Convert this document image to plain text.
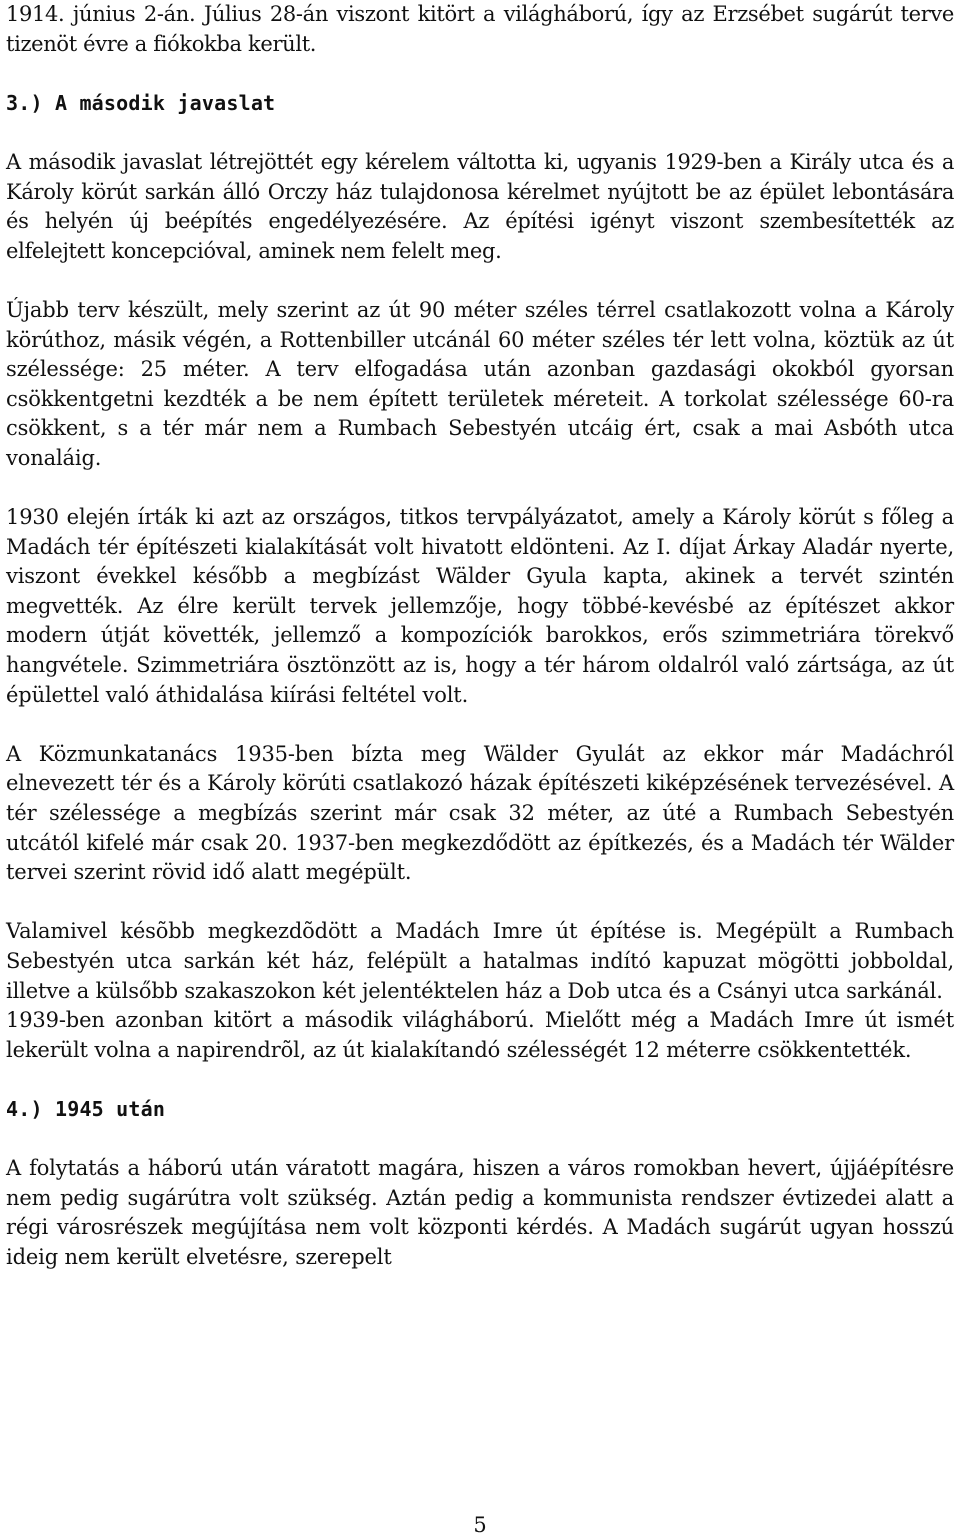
1914. június 2-án. Július 28-án viszont kitört a világháború, így az Erzsébet sugárút terve tizenöt évre a fiókokba került.

3.) A második javaslat

A második javaslat létrejöttét egy kérelem váltotta ki, ugyanis 1929-ben a Király utca és a Károly körút sarkán álló Orczy ház tulajdonosa kérelmet nyújtott be az épület lebontására és helyén új beépítés engedélyezésére. Az építési igényt viszont szembesítették az elfelejtett koncepcióval, aminek nem felelt meg.

Újabb terv készült, mely szerint az út 90 méter széles térrel csatlakozott volna a Károly körúthoz, másik végén, a Rottenbiller utcánál 60 méter széles tér lett volna, köztük az út szélessége: 25 méter. A terv elfogadása után azonban gazdasági okokból gyorsan csökkentgetni kezdték a be nem épített területek méreteit. A torkolat szélessége 60-ra csökkent, s a tér már nem a Rumbach Sebestyén utcáig ért, csak a mai Asbóth utca vonaláig.

1930 elején írták ki azt az országos, titkos tervpályázatot, amely a Károly körút s főleg a Madách tér építészeti kialakítását volt hivatott eldönteni. Az I. díjat Árkay Aladár nyerte, viszont évekkel később a megbízást Wälder Gyula kapta, akinek a tervét szintén megvették. Az élre került tervek jellemzője, hogy többé-kevésbé az építészet akkor modern útját követték, jellemző a kompozíciók barokkos, erős szimmetriára törekvő hangvétele. Szimmetriára ösztönzött az is, hogy a tér három oldalról való zártsága, az út épülettel való áthidalása kiírási feltétel volt.

A Közmunkatanács 1935-ben bízta meg Wälder Gyulát az ekkor már Madáchról elnevezett tér és a Károly körúti csatlakozó házak építészeti kiképzésének tervezésével. A tér szélessége a megbízás szerint már csak 32 méter, az úté a Rumbach Sebestyén utcától kifelé már csak 20. 1937-ben megkezdődött az építkezés, és a Madách tér Wälder tervei szerint rövid idő alatt megépült.

Valamivel késõbb megkezdõdött a Madách Imre út építése is. Megépült a Rumbach Sebestyén utca sarkán két ház, felépült a hatalmas indító kapuzat mögötti jobboldal, illetve a külsőbb szakaszokon két jelentéktelen ház a Dob utca és a Csányi utca sarkánál.

1939-ben azonban kitört a második világháború. Mielőtt még a Madách Imre út ismét lekerült volna a napirendrõl, az út kialakítandó szélességét 12 méterre csökkentették.

4.) 1945 után

A folytatás a háború után váratott magára, hiszen a város romokban hevert, újjáépítésre nem pedig sugárútra volt szükség. Aztán pedig a kommunista rendszer évtizedei alatt a régi városrészek megújítása nem volt központi kérdés. A Madách sugárút ugyan hosszú ideig nem került elvetésre, szerepelt

5
